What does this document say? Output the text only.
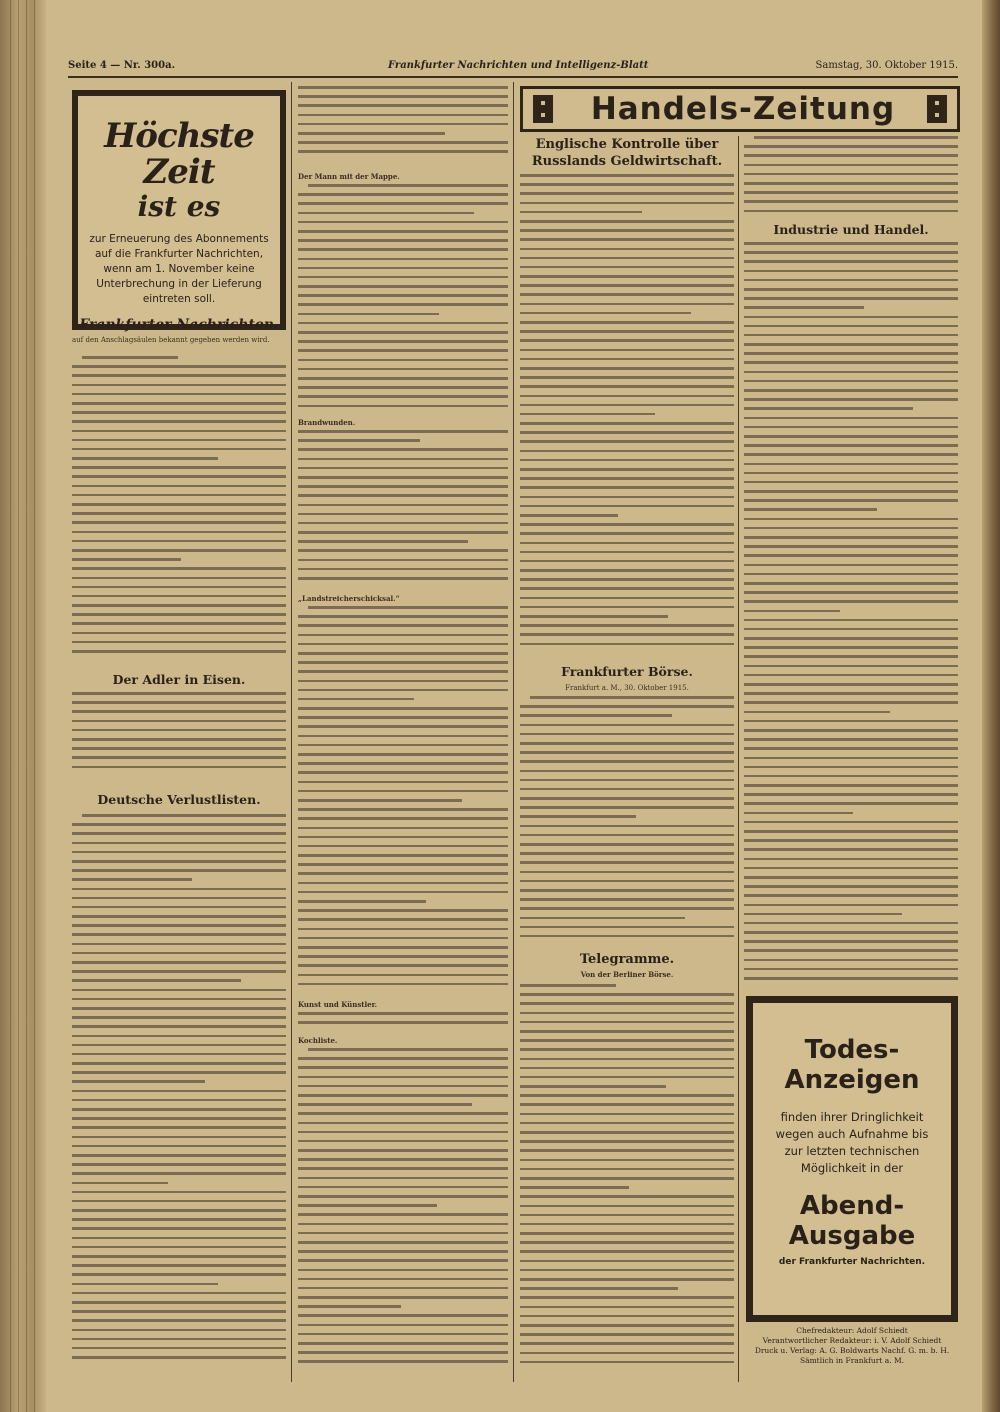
Seite 4 — Nr. 300a.	Frankfurter Nachrichten und Intelligenz-Blatt	Samstag, 30. Oktober 1915.
Höchste Zeit
ist es
zur Erneuerung des Abonnements auf die Frankfurter Nachrichten, wenn am 1. November keine Unterbrechung in der Lieferung eintreten soll.
Frankfurter Nachrichten.
auf den Anschlagsäulen bekannt gegeben werden wird.
Der Adler in Eisen.
Deutsche Verlustlisten.
Der Mann mit der Mappe.
Brandwunden.
„Landstreicherschicksal.“
Kunst und Künstler.
Kochliste.
Handels-Zeitung
Englische Kontrolle über Russlands Geldwirtschaft.
Frankfurter Börse.
Frankfurt a. M., 30. Oktober 1915.
Telegramme.
Von der Berliner Börse.
Industrie und Handel.
Todes-Anzeigen
finden ihrer Dringlichkeit wegen auch Aufnahme bis zur letzten technischen Möglichkeit in der
Abend-Ausgabe
der Frankfurter Nachrichten.
Chefredakteur: Adolf Schiedt
Verantwortlicher Redakteur: i. V. Adolf Schiedt
Druck u. Verlag: A. G. Boldwarts Nachf. G. m. b. H.
Sämtlich in Frankfurt a. M.
